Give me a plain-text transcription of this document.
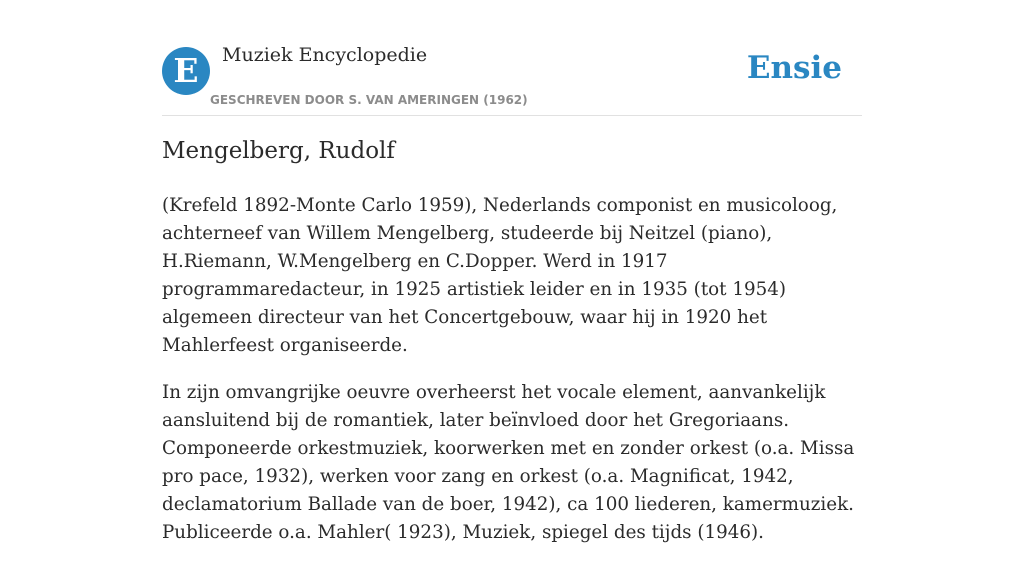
E	Muziek Encyclopedie
GESCHREVEN DOOR S. VAN AMERINGEN (1962)
Ensie
Mengelberg, Rudolf

(Krefeld 1892-Monte Carlo 1959), Nederlands componist en musicoloog, achterneef van Willem Mengelberg, studeerde bij Neitzel (piano), H.Riemann, W.Mengelberg en C.Dopper. Werd in 1917 programmaredacteur, in 1925 artistiek leider en in 1935 (tot 1954) algemeen directeur van het Concertgebouw, waar hij in 1920 het Mahlerfeest organiseerde.

In zijn omvangrijke oeuvre overheerst het vocale element, aanvankelijk aansluitend bij de romantiek, later beïnvloed door het Gregoriaans. Componeerde orkestmuziek, koorwerken met en zonder orkest (o.a. Missa pro pace, 1932), werken voor zang en orkest (o.a. Magnificat, 1942, declamatorium Ballade van de boer, 1942), ca 100 liederen, kamermuziek. Publiceerde o.a. Mahler( 1923), Muziek, spiegel des tijds (1946).
